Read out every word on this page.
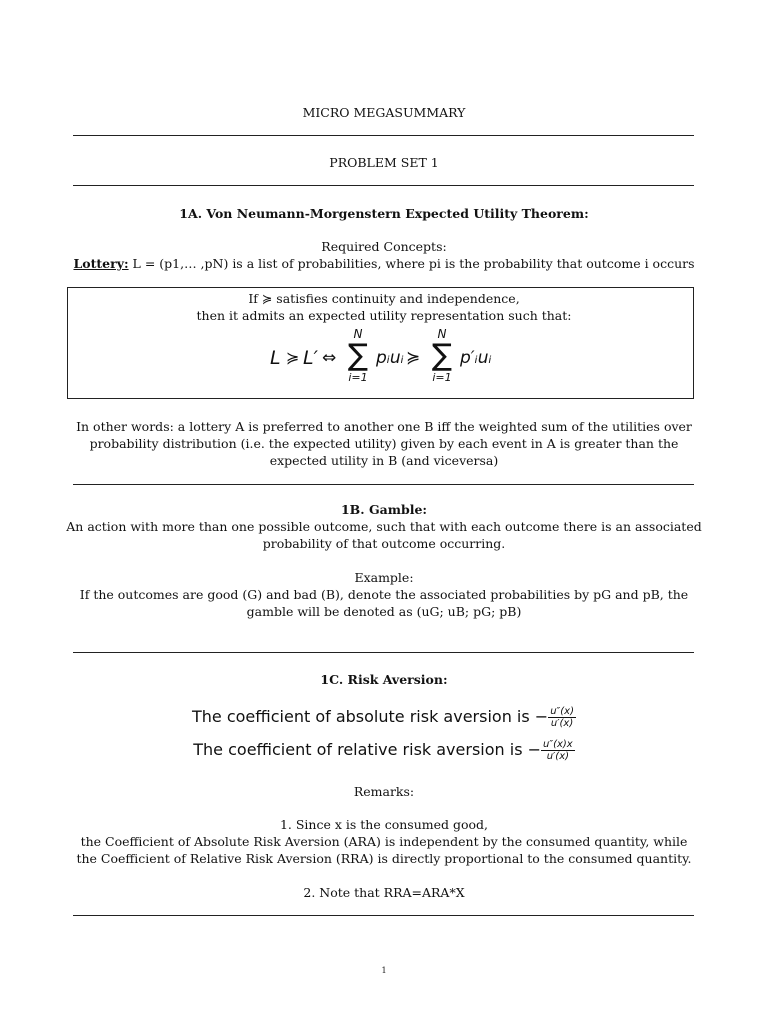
MICRO MEGASUMMARY
PROBLEM SET 1
1A. Von Neumann-Morgenstern Expected Utility Theorem:
Required Concepts:
Lottery: L = (p1,… ,pN) is a list of probabilities, where pi is the probability that outcome i occurs
If ≽ satisfies continuity and independence,
then it admits an expected utility representation such that:
L ≽ L′ ⇔
N
∑
i=1
pᵢuᵢ ≽
N
∑
i=1
p′ᵢuᵢ
In other words: a lottery A is preferred to another one B iff the weighted sum of the utilities over
probability distribution (i.e. the expected utility) given by each event in A is greater than the
expected utility in B (and viceversa)
1B. Gamble:
An action with more than one possible outcome, such that with each outcome there is an associated
probability of that outcome occurring.
Example:
If the outcomes are good (G) and bad (B), denote the associated probabilities by pG and pB, the
gamble will be denoted as (uG; uB; pG; pB)
1C. Risk Aversion:
The coefficient of absolute risk aversion is − $\frac{u''(x)}{u'(x)}$
The coefficient of relative risk aversion is − $\frac{u''(x)x}{u'(x)}$
Remarks:
1. Since x is the consumed good,
the Coefficient of Absolute Risk Aversion (ARA) is independent by the consumed quantity, while
the Coefficient of Relative Risk Aversion (RRA) is directly proportional to the consumed quantity.
2. Note that RRA=ARA*X
1
